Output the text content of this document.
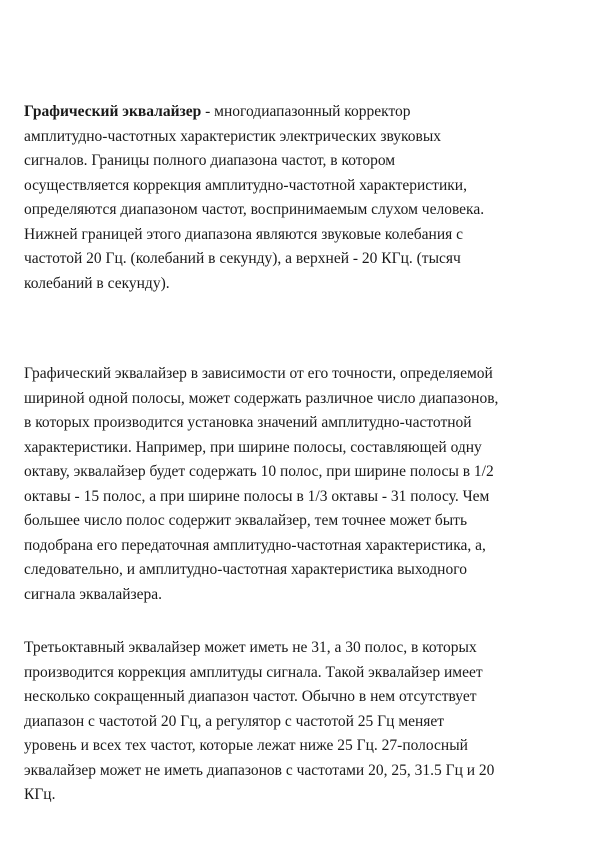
Графический эквалайзер - многодиапазонный корректор
амплитудно-частотных характеристик электрических звуковых
сигналов. Границы полного диапазона частот, в котором
осуществляется коррекция амплитудно-частотной характеристики,
определяются диапазоном частот, воспринимаемым слухом человека.
Нижней границей этого диапазона являются звуковые колебания с
частотой 20 Гц. (колебаний в секунду), а верхней - 20 КГц. (тысяч
колебаний в секунду).

Графический эквалайзер в зависимости от его точности, определяемой
шириной одной полосы, может содержать различное число диапазонов,
в которых производится установка значений амплитудно-частотной
характеристики. Например, при ширине полосы, составляющей одну
октаву, эквалайзер будет содержать 10 полос, при ширине полосы в 1/2
октавы - 15 полос, а при ширине полосы в 1/3 октавы - 31 полосу. Чем
большее число полос содержит эквалайзер, тем точнее может быть
подобрана его передаточная амплитудно-частотная характеристика, а,
следовательно, и амплитудно-частотная характеристика выходного
сигнала эквалайзера.

Третьоктавный эквалайзер может иметь не 31, а 30 полос, в которых
производится коррекция амплитуды сигнала. Такой эквалайзер имеет
несколько сокращенный диапазон частот. Обычно в нем отсутствует
диапазон с частотой 20 Гц, а регулятор с частотой 25 Гц меняет
уровень и всех тех частот, которые лежат ниже 25 Гц. 27-полосный
эквалайзер может не иметь диапазонов с частотами 20, 25, 31.5 Гц и 20
КГц.
